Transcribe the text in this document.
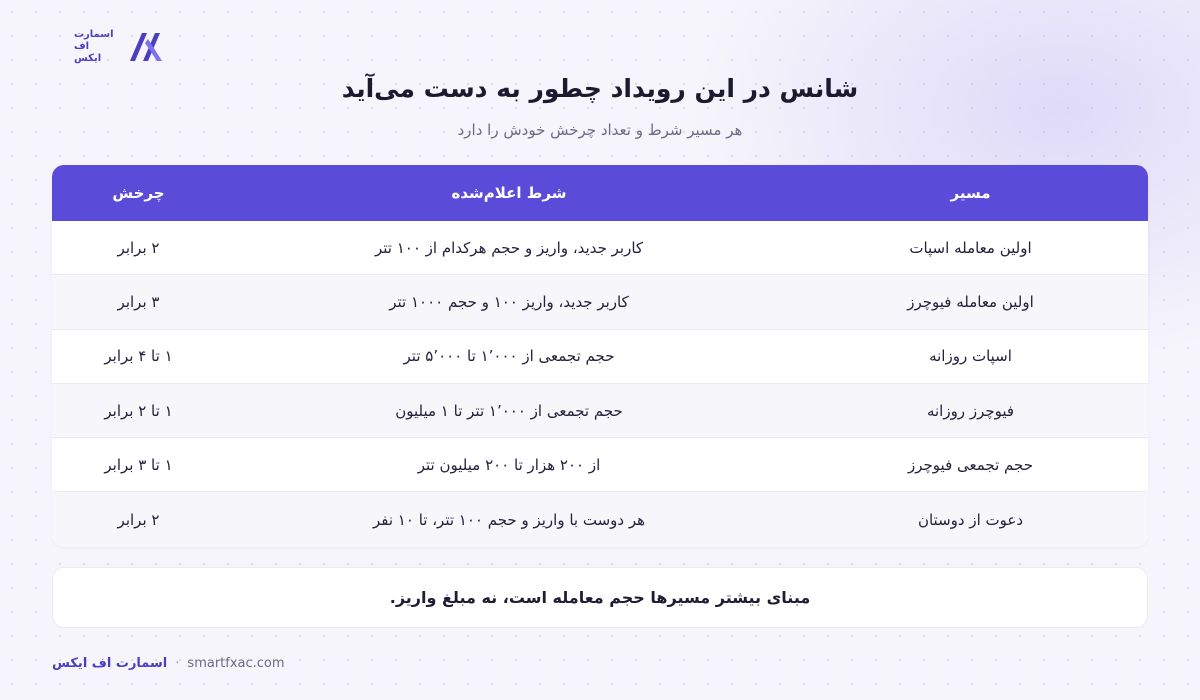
اسمارت
اف
ایکس
شانس در این رویداد چطور به دست می‌آید
هر مسیر شرط و تعداد چرخش خودش را دارد
مسیر
شرط اعلام‌شده
چرخش
اولین معامله اسپات
کاربر جدید، واریز و حجم هرکدام از ۱۰۰ تتر
۲ برابر
اولین معامله فیوچرز
کاربر جدید، واریز ۱۰۰ و حجم ۱۰۰۰ تتر
۳ برابر
اسپات روزانه
حجم تجمعی از ۱٬۰۰۰ تا ۵٬۰۰۰ تتر
۱ تا ۴ برابر
فیوچرز روزانه
حجم تجمعی از ۱٬۰۰۰ تتر تا ۱ میلیون
۱ تا ۲ برابر
حجم تجمعی فیوچرز
از ۲۰۰ هزار تا ۲۰۰ میلیون تتر
۱ تا ۳ برابر
دعوت از دوستان
هر دوست با واریز و حجم ۱۰۰ تتر، تا ۱۰ نفر
۲ برابر
مبنای بیشتر مسیرها حجم معامله است، نه مبلغ واریز.
اسمارت اف ایکس · smartfxac.com
